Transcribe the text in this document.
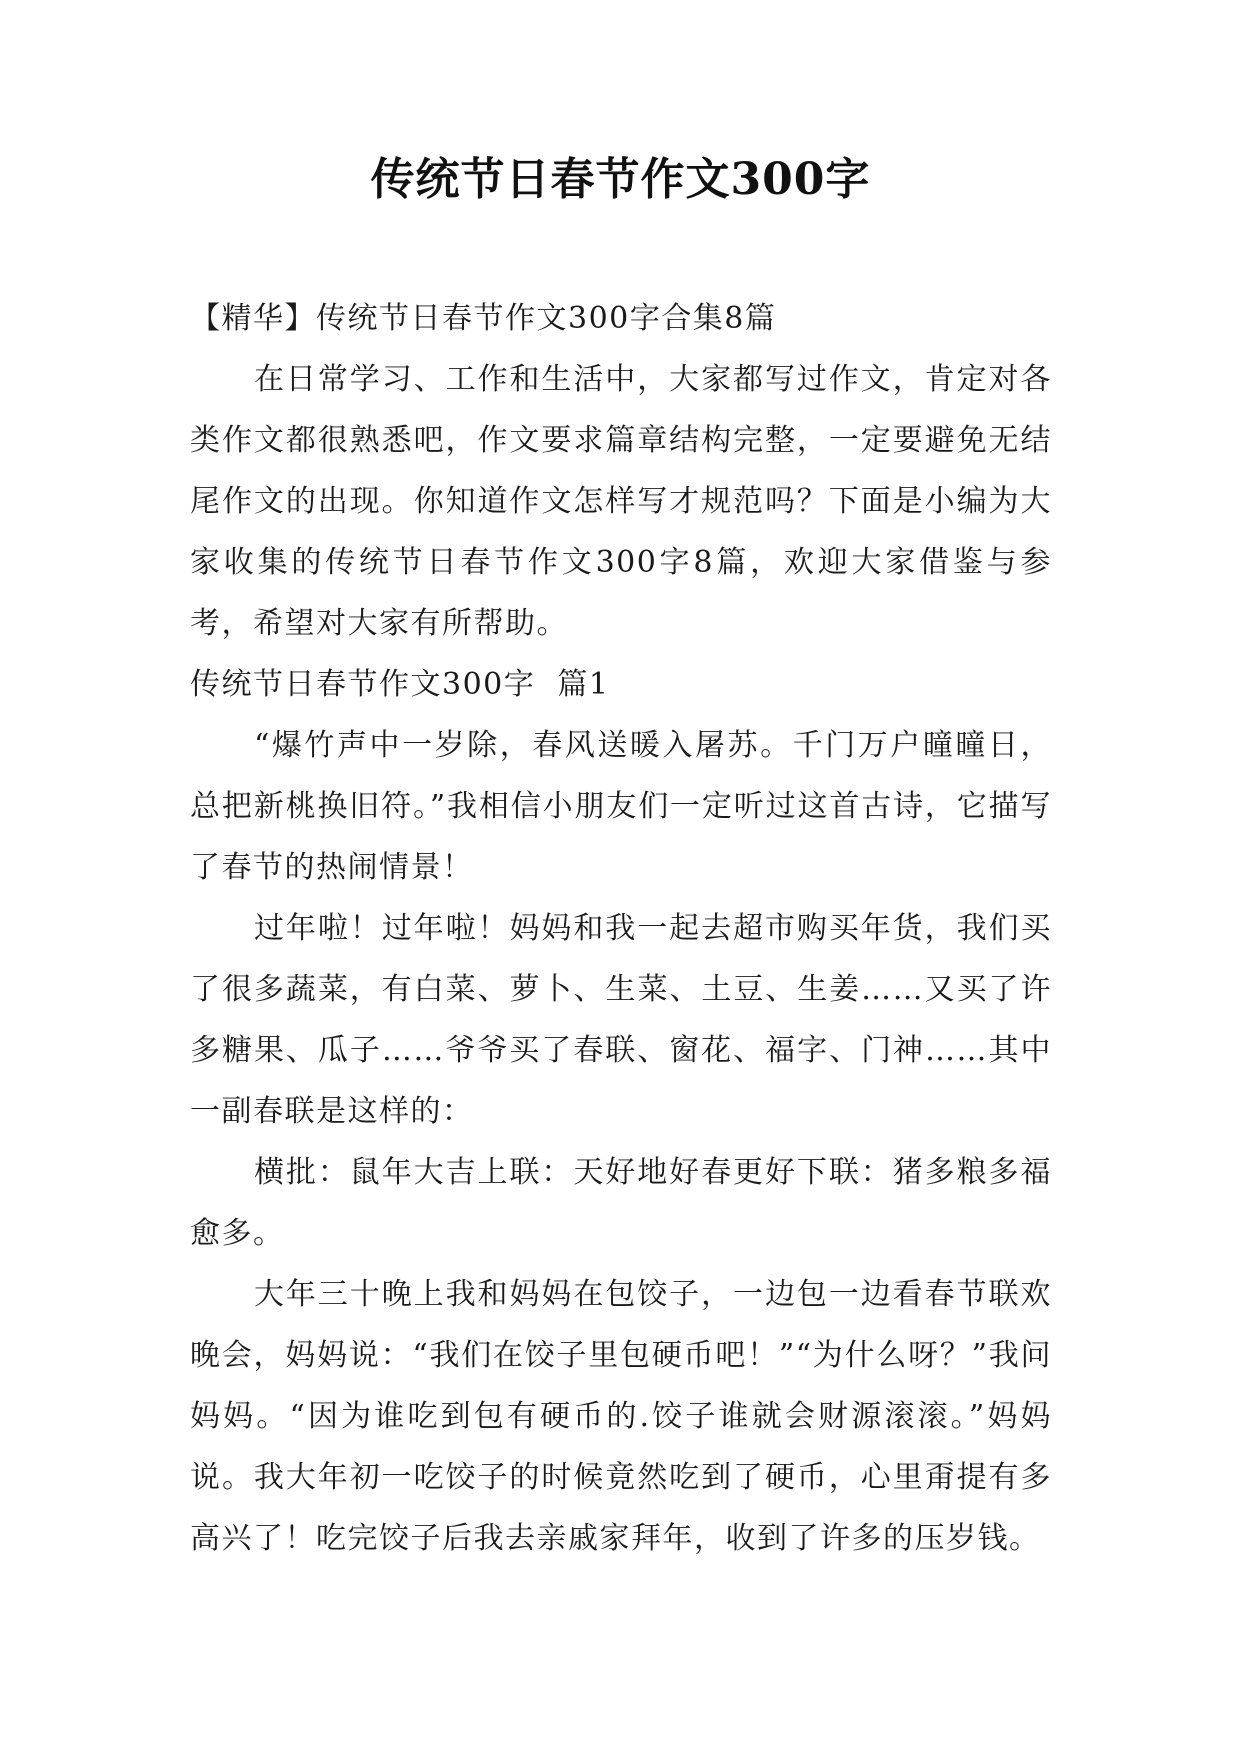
传统节日春节作文300字

【精华】传统节日春节作文300字合集8篇

在日常学习、工作和生活中，大家都写过作文，肯定对各类作文都很熟悉吧，作文要求篇章结构完整，一定要避免无结尾作文的出现。你知道作文怎样写才规范吗？下面是小编为大家收集的传统节日春节作文300字8篇，欢迎大家借鉴与参考，希望对大家有所帮助。

传统节日春节作文300字  篇1

“爆竹声中一岁除，春风送暖入屠苏。千门万户曈曈日，总把新桃换旧符。”我相信小朋友们一定听过这首古诗，它描写了春节的热闹情景！

过年啦！过年啦！妈妈和我一起去超市购买年货，我们买了很多蔬菜，有白菜、萝卜、生菜、土豆、生姜……又买了许多糖果、瓜子……爷爷买了春联、窗花、福字、门神……其中一副春联是这样的：

横批：鼠年大吉上联：天好地好春更好下联：猪多粮多福愈多。

大年三十晚上我和妈妈在包饺子，一边包一边看春节联欢晚会，妈妈说：“我们在饺子里包硬币吧！”“为什么呀？”我问妈妈。“因为谁吃到包有硬币的.饺子谁就会财源滚滚。”妈妈说。我大年初一吃饺子的时候竟然吃到了硬币，心里甭提有多高兴了！吃完饺子后我去亲戚家拜年，收到了许多的压岁钱。
